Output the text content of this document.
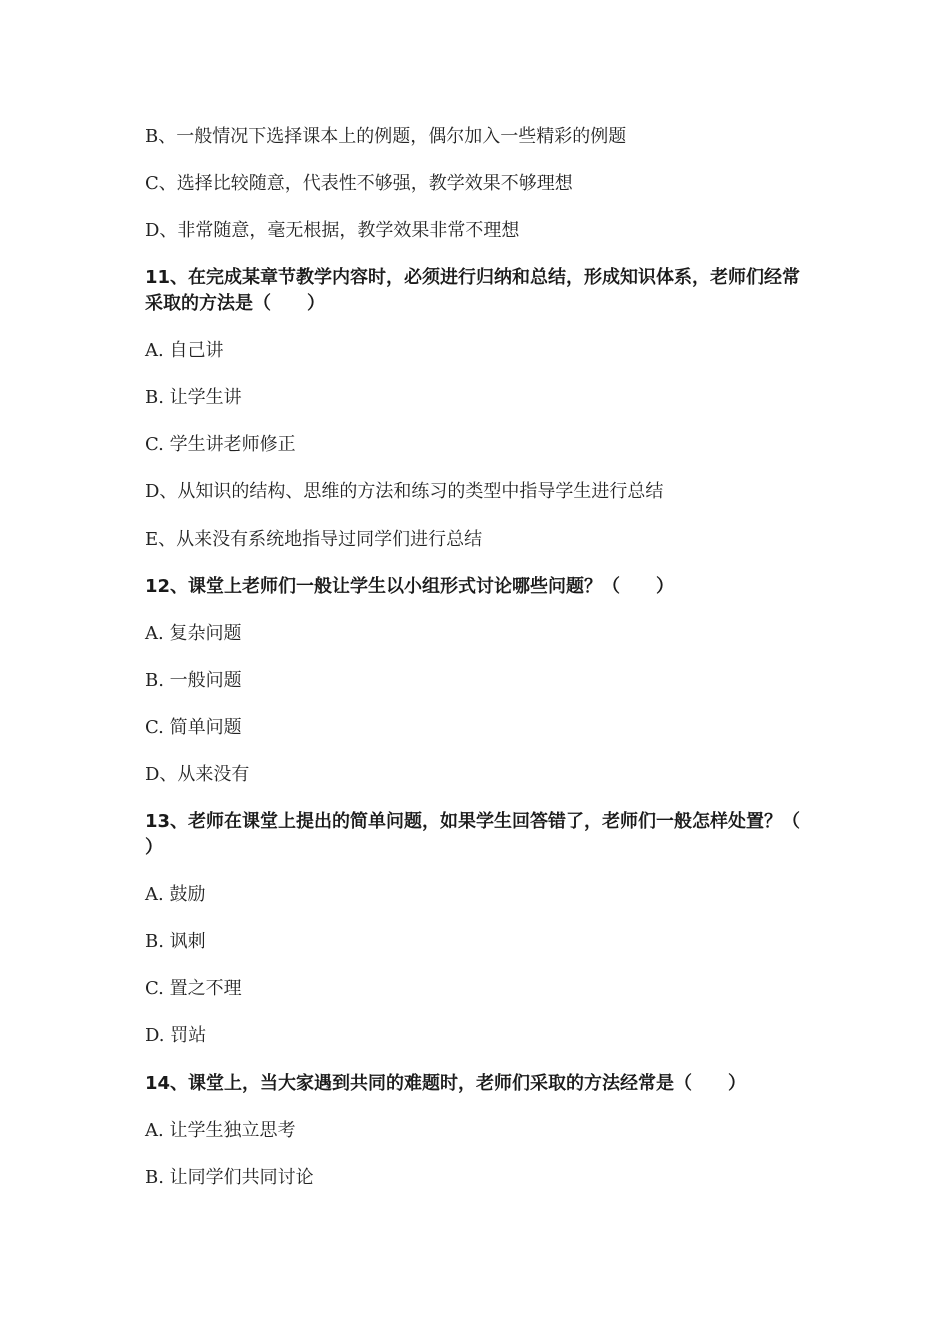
B、一般情况下选择课本上的例题，偶尔加入一些精彩的例题
C、选择比较随意，代表性不够强，教学效果不够理想
D、非常随意，毫无根据，教学效果非常不理想
11、在完成某章节教学内容时，必须进行归纳和总结，形成知识体系，老师们经常
采取的方法是（　　）
A. 自己讲
B. 让学生讲
C. 学生讲老师修正
D、从知识的结构、思维的方法和练习的类型中指导学生进行总结
E、从来没有系统地指导过同学们进行总结
12、课堂上老师们一般让学生以小组形式讨论哪些问题？（　　）
A. 复杂问题
B. 一般问题
C. 简单问题
D、从来没有
13、老师在课堂上提出的简单问题，如果学生回答错了，老师们一般怎样处置？（
）
A. 鼓励
B. 讽刺
C. 置之不理
D. 罚站
14、课堂上，当大家遇到共同的难题时，老师们采取的方法经常是（　　）
A. 让学生独立思考
B. 让同学们共同讨论
